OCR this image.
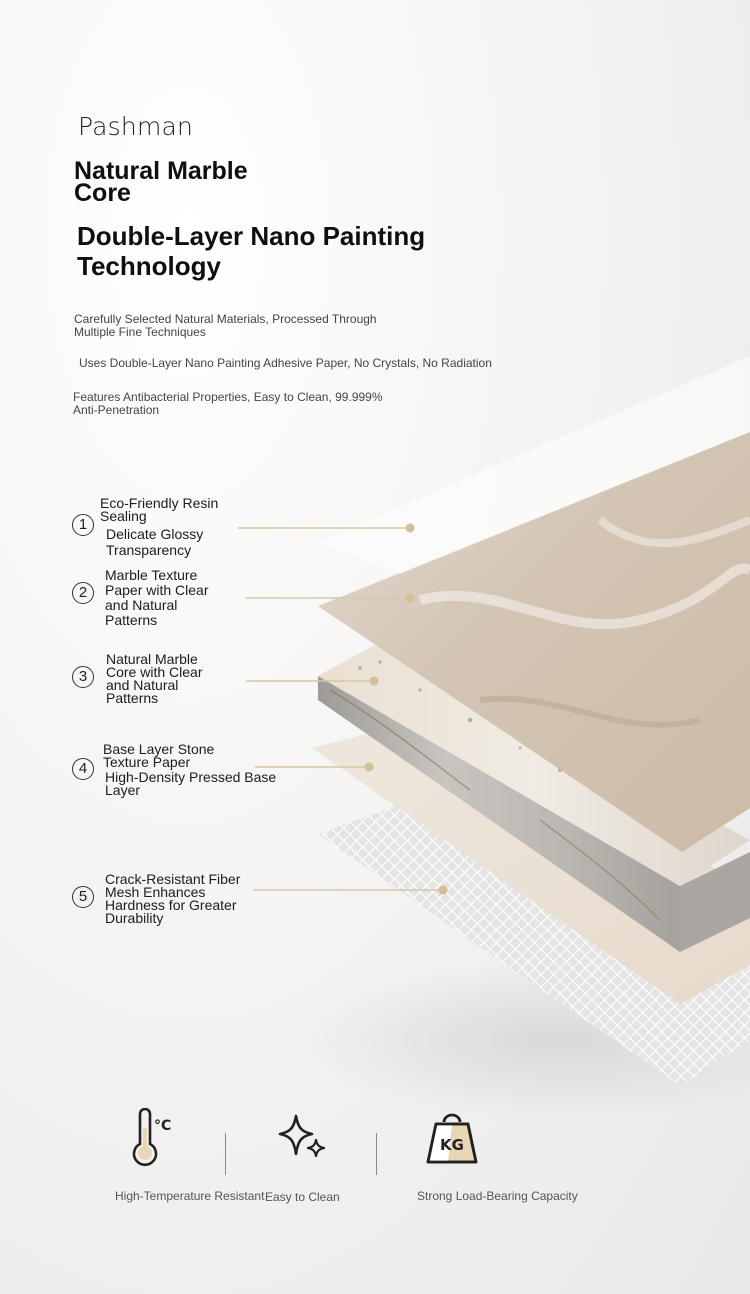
Pashman
Natural Marble Core
Double-Layer Nano Painting Technology
Carefully Selected Natural Materials, Processed Through Multiple Fine Techniques
Uses Double-Layer Nano Painting Adhesive Paper, No Crystals, No Radiation
Features Antibacterial Properties, Easy to Clean, 99.999% Anti-Penetration
1
Eco-Friendly Resin Sealing
Delicate Glossy Transparency
2
Marble Texture Paper with Clear and Natural Patterns
3
Natural Marble Core with Clear and Natural Patterns
4
Base Layer Stone Texture Paper
High-Density Pressed Base Layer
5
Crack-Resistant Fiber Mesh Enhances Hardness for Greater Durability
°C
KG
High-Temperature Resistant Easy to Clean	Strong Load-Bearing Capacity
